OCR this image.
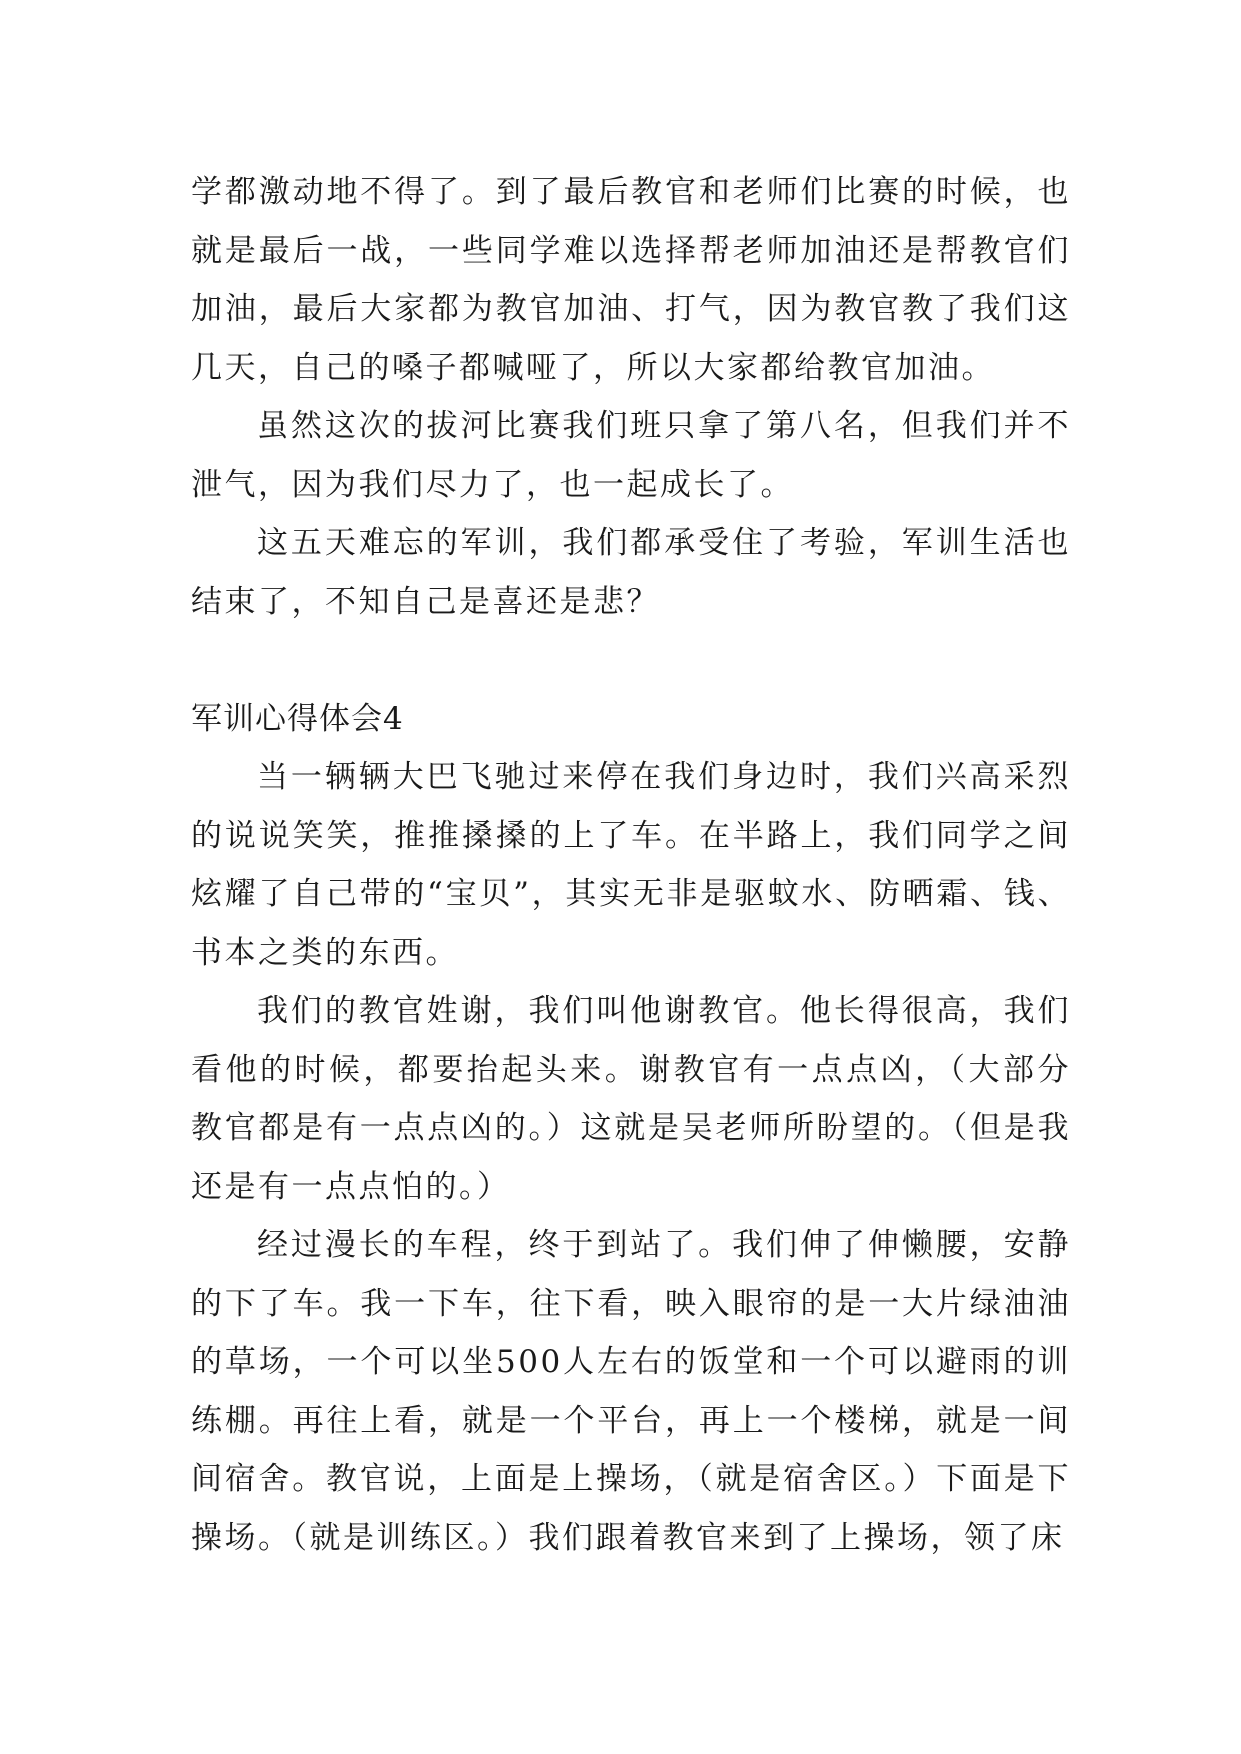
学都激动地不得了。到了最后教官和老师们比赛的时候，也就是最后一战，一些同学难以选择帮老师加油还是帮教官们加油，最后大家都为教官加油、打气，因为教官教了我们这几天，自己的嗓子都喊哑了，所以大家都给教官加油。

虽然这次的拔河比赛我们班只拿了第八名，但我们并不泄气，因为我们尽力了，也一起成长了。

这五天难忘的军训，我们都承受住了考验，军训生活也结束了，不知自己是喜还是悲？

军训心得体会4

当一辆辆大巴飞驰过来停在我们身边时，我们兴高采烈的说说笑笑，推推搡搡的上了车。在半路上，我们同学之间炫耀了自己带的“宝贝”，其实无非是驱蚊水、防晒霜、钱、书本之类的东西。

我们的教官姓谢，我们叫他谢教官。他长得很高，我们看他的时候，都要抬起头来。谢教官有一点点凶，（大部分教官都是有一点点凶的。）这就是吴老师所盼望的。（但是我还是有一点点怕的。）

经过漫长的车程，终于到站了。我们伸了伸懒腰，安静的下了车。我一下车，往下看，映入眼帘的是一大片绿油油的草场，一个可以坐500人左右的饭堂和一个可以避雨的训练棚。再往上看，就是一个平台，再上一个楼梯，就是一间间宿舍。教官说，上面是上操场，（就是宿舍区。）下面是下操场。（就是训练区。）我们跟着教官来到了上操场，领了床
